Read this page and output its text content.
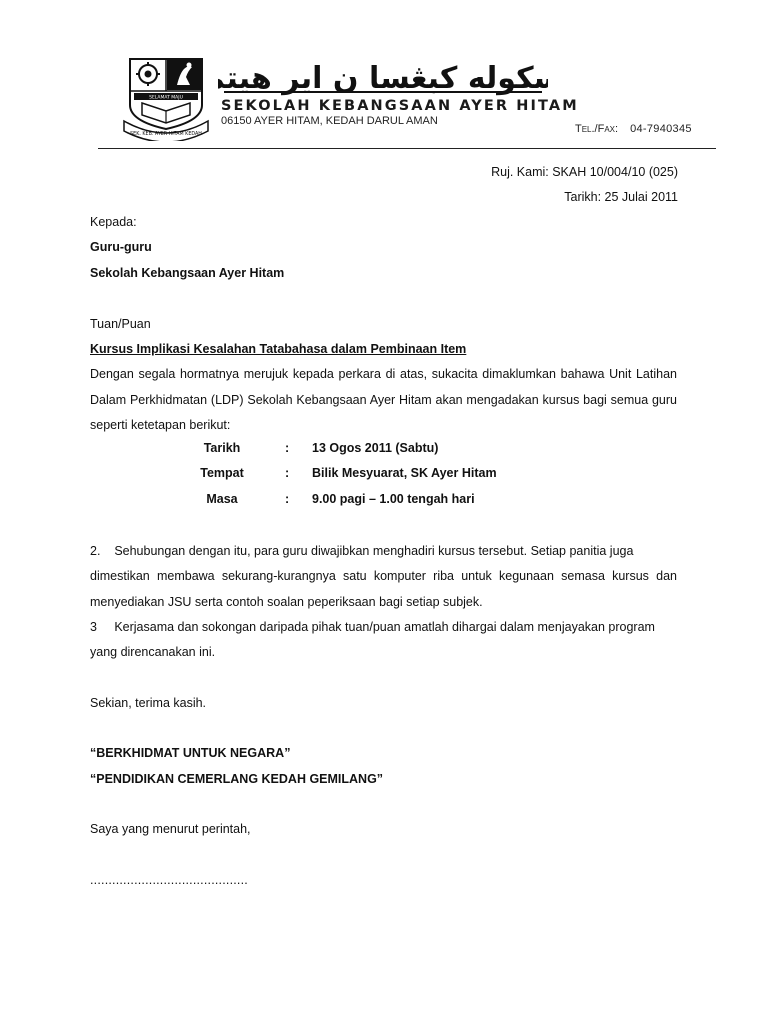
SELAMAT MAJU
SEK. KEB. AYER HITAM KEDAH
سكوله كبڠسا ن اير هيتم
SEKOLAH KEBANGSAAN AYER HITAM
06150 AYER HITAM, KEDAH DARUL AMAN
Tel./Fax: 04-7940345
Ruj. Kami: SKAH 10/004/10 (025)
Tarikh: 25 Julai 2011
Kepada:
Guru-guru
Sekolah Kebangsaan Ayer Hitam
Tuan/Puan
Kursus Implikasi Kesalahan Tatabahasa dalam Pembinaan Item
Dengan segala hormatnya merujuk kepada perkara di atas, sukacita dimaklumkan bahawa Unit Latihan
Dalam Perkhidmatan (LDP) Sekolah Kebangsaan Ayer Hitam akan mengadakan kursus bagi semua guru
seperti ketetapan berikut:
Tarikh	: 13 Ogos 2011 (Sabtu)
Tempat	: Bilik Mesyuarat, SK Ayer Hitam
Masa	: 9.00 pagi – 1.00 tengah hari
2.    Sehubungan dengan itu, para guru diwajibkan menghadiri kursus tersebut. Setiap panitia juga
dimestikan membawa sekurang-kurangnya satu komputer riba untuk kegunaan semasa kursus dan
menyediakan JSU serta contoh soalan peperiksaan bagi setiap subjek.
3     Kerjasama dan sokongan daripada pihak tuan/puan amatlah dihargai dalam menjayakan program
yang direncanakan ini.
Sekian, terima kasih.
“BERKHIDMAT UNTUK NEGARA”
“PENDIDIKAN CEMERLANG KEDAH GEMILANG”
Saya yang menurut perintah,
...........................................
